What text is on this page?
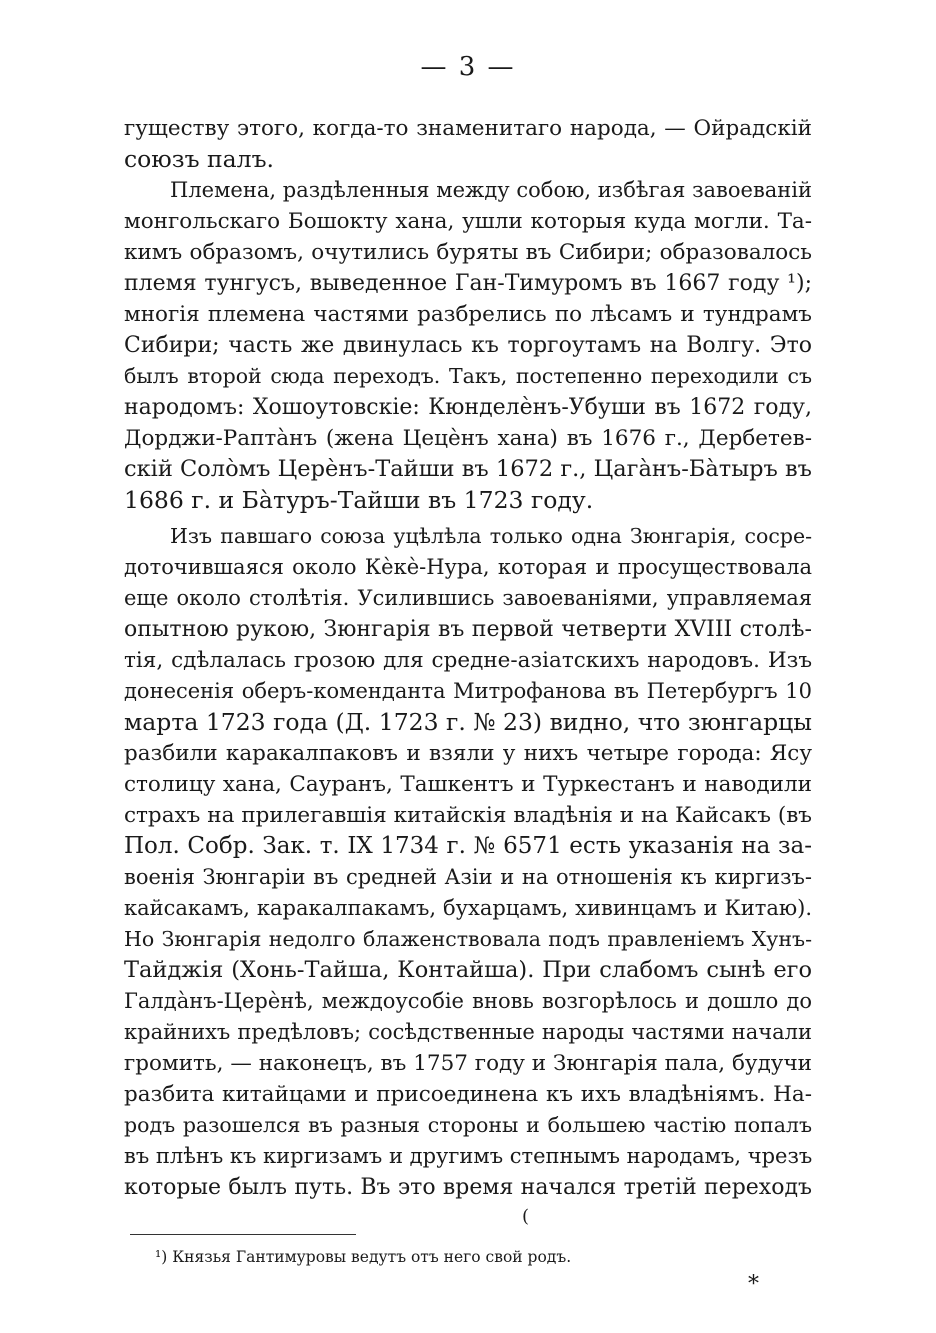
— 3 —
гуществу этого, когда-то знаменитаго народа, — Ойрадскій
союзъ палъ.
Племена, раздѣленныя между собою, избѣгая завоеваній
монгольскаго Бошокту хана, ушли которыя куда могли. Та-
кимъ образомъ, очутились буряты въ Сибири; образовалось
племя тунгусъ, выведенное Ган-Тимуромъ въ 1667 году ¹);
многія племена частями разбрелись по лѣсамъ и тундрамъ
Сибири; часть же двинулась къ торгоутамъ на Волгу. Это
былъ второй сюда переходъ. Такъ, постепенно переходили съ
народомъ: Хошоутовскіе: Кюнделѐнъ-Убуши въ 1672 году,
Дорджи-Раптàнъ (жена Цецѐнъ хана) въ 1676 г., Дербетев-
скій Солòмъ Церѐнъ-Тайши въ 1672 г., Цагàнъ-Бàтыръ въ
1686 г. и Бàтуръ-Тайши въ 1723 году.
Изъ павшаго союза уцѣлѣла только одна Зюнгарія, сосре-
доточившаяся около Кѐкѐ-Нура, которая и просуществовала
еще около столѣтія. Усилившись завоеваніями, управляемая
опытною рукою, Зюнгарія въ первой четверти XVIII столѣ-
тія, сдѣлалась грозою для средне-азіатскихъ народовъ. Изъ
донесенія оберъ-коменданта Митрофанова въ Петербургъ 10
марта 1723 года (Д. 1723 г. № 23) видно, что зюнгарцы
разбили каракалпаковъ и взяли у нихъ четыре города: Ясу
столицу хана, Сауранъ, Ташкентъ и Туркестанъ и наводили
страхъ на прилегавшія китайскія владѣнія и на Кайсакъ (въ
Пол. Собр. Зак. т. IX 1734 г. № 6571 есть указанія на за-
военія Зюнгаріи въ средней Азіи и на отношенія къ киргизъ-
кайсакамъ, каракалпакамъ, бухарцамъ, хивинцамъ и Китаю).
Но Зюнгарія недолго блаженствовала подъ правленіемъ Хунъ-
Тайджія (Хонь-Тайша, Контайша). При слабомъ сынѣ его
Галдàнъ-Церѐнѣ, междоусобіе вновь возгорѣлось и дошло до
крайнихъ предѣловъ; сосѣдственные народы частями начали
громить, — наконецъ, въ 1757 году и Зюнгарія пала, будучи
разбита китайцами и присоединена къ ихъ владѣніямъ. На-
родъ разошелся въ разныя стороны и большею частію попалъ
въ плѣнъ къ киргизамъ и другимъ степнымъ народамъ, чрезъ
которые былъ путь. Въ это время начался третій переходъ
(
¹) Князья Гантимуровы ведутъ отъ него свой родъ.
*
